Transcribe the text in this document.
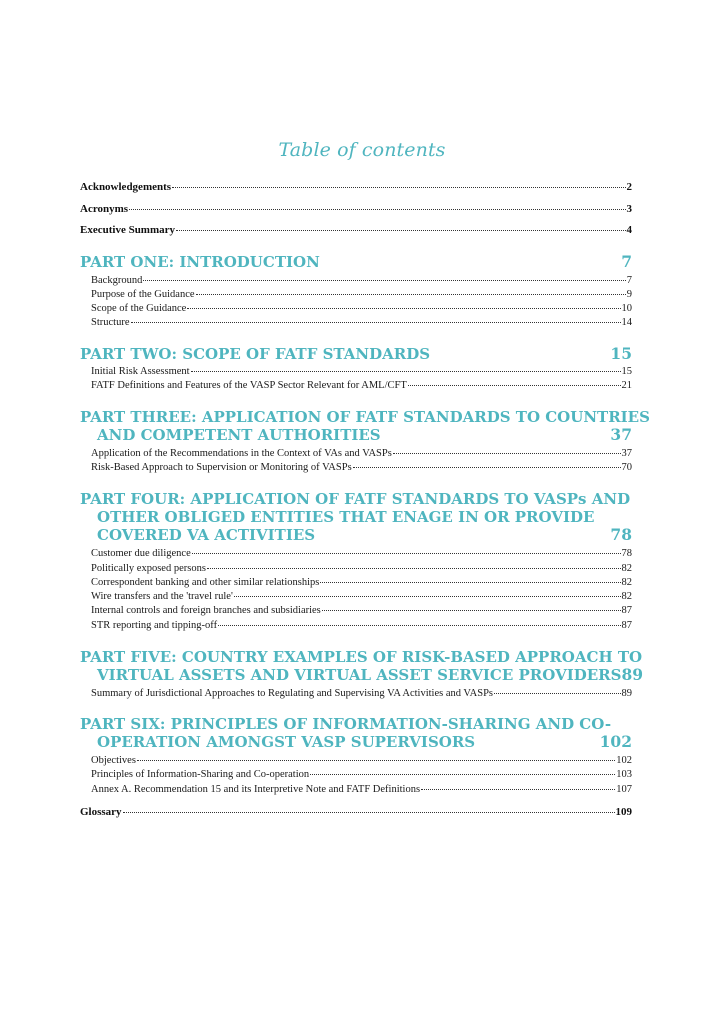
Table of contents
Acknowledgements	2
Acronyms	3
Executive Summary	4
PART ONE: INTRODUCTION	7
Background	7
Purpose of the Guidance	9
Scope of the Guidance	10
Structure	14
PART TWO: SCOPE OF FATF STANDARDS	15
Initial Risk Assessment	15
FATF Definitions and Features of the VASP Sector Relevant for AML/CFT	21
PART THREE: APPLICATION OF FATF STANDARDS TO COUNTRIES
AND COMPETENT AUTHORITIES	37
Application of the Recommendations in the Context of VAs and VASPs	37
Risk-Based Approach to Supervision or Monitoring of VASPs	70
PART FOUR: APPLICATION OF FATF STANDARDS TO VASPs AND
OTHER OBLIGED ENTITIES THAT ENAGE IN OR PROVIDE
COVERED VA ACTIVITIES	78
Customer due diligence	78
Politically exposed persons	82
Correspondent banking and other similar relationships	82
Wire transfers and the 'travel rule'	82
Internal controls and foreign branches and subsidiaries	87
STR reporting and tipping-off	87
PART FIVE: COUNTRY EXAMPLES OF RISK-BASED APPROACH TO
VIRTUAL ASSETS AND VIRTUAL ASSET SERVICE PROVIDERS 89
Summary of Jurisdictional Approaches to Regulating and Supervising VA Activities and VASPs	89
PART SIX: PRINCIPLES OF INFORMATION-SHARING AND CO-
OPERATION AMONGST VASP SUPERVISORS	102
Objectives	102
Principles of Information-Sharing and Co-operation	103
Annex A. Recommendation 15 and its Interpretive Note and FATF Definitions	107
Glossary	109
